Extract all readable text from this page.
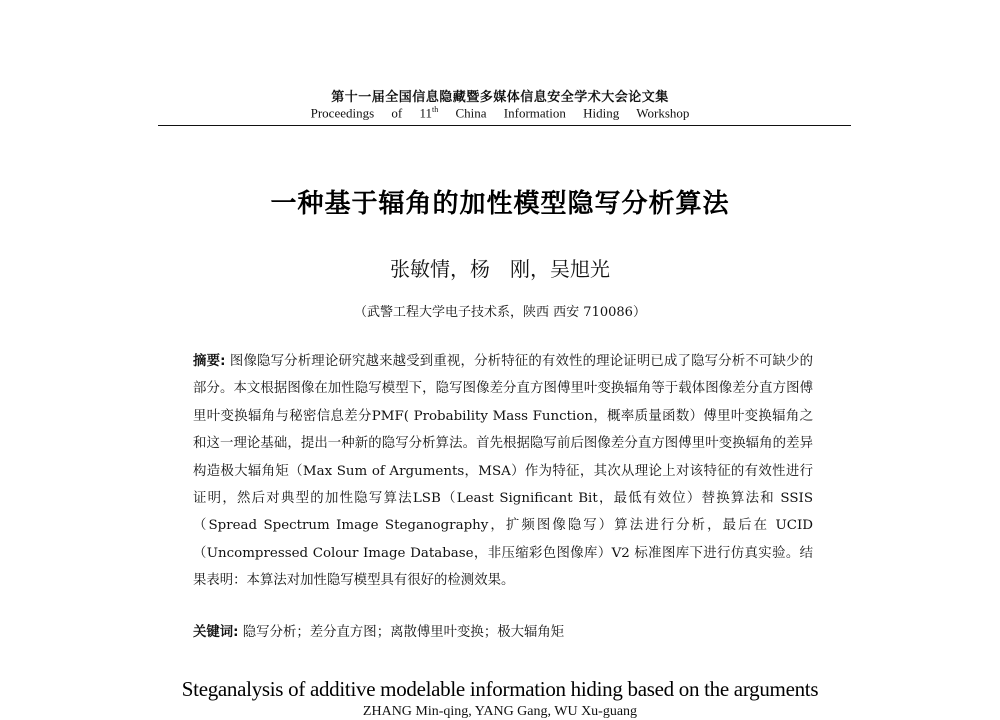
第十一届全国信息隐藏暨多媒体信息安全学术大会论文集
Proceedings of 11th China Information Hiding Workshop
一种基于辐角的加性模型隐写分析算法
张敏情，杨　刚，吴旭光
（武警工程大学电子技术系，陕西 西安 710086）
摘要: 图像隐写分析理论研究越来越受到重视，分析特征的有效性的理论证明已成了隐写分析不可缺少的部分。本文根据图像在加性隐写模型下，隐写图像差分直方图傅里叶变换辐角等于载体图像差分直方图傅里叶变换辐角与秘密信息差分PMF( Probability Mass Function，概率质量函数）傅里叶变换辐角之和这一理论基础，提出一种新的隐写分析算法。首先根据隐写前后图像差分直方图傅里叶变换辐角的差异构造极大辐角矩（Max Sum of Arguments，MSA）作为特征，其次从理论上对该特征的有效性进行证明，然后对典型的加性隐写算法LSB（Least Significant Bit，最低有效位）替换算法和 SSIS（Spread Spectrum Image Steganography，扩频图像隐写）算法进行分析，最后在 UCID（Uncompressed Colour Image Database，非压缩彩色图像库）V2 标准图库下进行仿真实验。结果表明：本算法对加性隐写模型具有很好的检测效果。
关键词: 隐写分析；差分直方图；离散傅里叶变换；极大辐角矩
Steganalysis of additive modelable information hiding based on the arguments
ZHANG Min-qing, YANG Gang, WU Xu-guang
